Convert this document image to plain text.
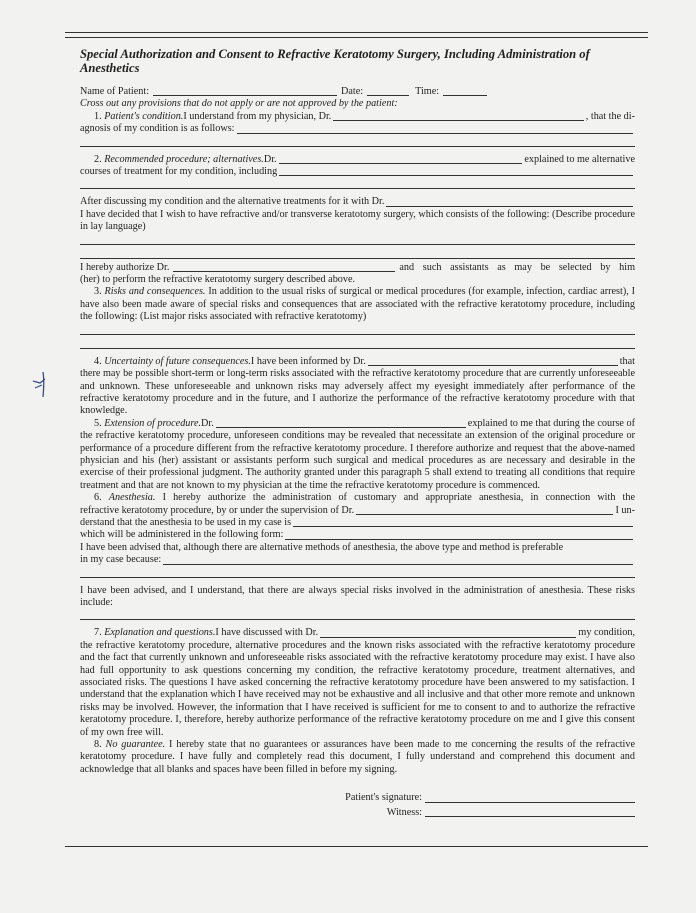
Special Authorization and Consent to Refractive Keratotomy Surgery, Including Administration of Anesthetics
Name of Patient:	Date:	Time:

Cross out any provisions that do not apply or are not approved by the patient:

1.
Patient's condition. I understand from my physician, Dr.	, that the di-
agnosis of my condition is as follows:
2.
Recommended procedure; alternatives. Dr.	explained to me alternative
courses of treatment for my condition, including
After discussing my condition and the alternative treatments for it with Dr.

I have decided that I wish to have refractive and/or transverse keratotomy surgery, which consists of the following: (Describe procedure in lay language)

I hereby authorize Dr.	and such assistants as may be selected by him

(her) to perform the refractive keratotomy surgery described above.

3. Risks and consequences. In addition to the usual risks of surgical or medical procedures (for example, infection, cardiac arrest), I have also been made aware of special risks and consequences that are associated with the refractive keratotomy procedure, including the following: (List major risks associated with refractive keratotomy)

4.
Uncertainty of future consequences. I have been informed by Dr.	that

there may be possible short-term or long-term risks associated with the refractive keratotomy procedure that are currently unforeseeable and unknown. These unforeseeable and unknown risks may adversely affect my eyesight immediately after performance of the refractive keratotomy procedure and in the future, and I authorize the performance of the refractive keratotomy procedure with that knowledge.

5.
Extension of procedure. Dr.	explained to me that during the course of

the refractive keratotomy procedure, unforeseen conditions may be revealed that necessitate an extension of the original procedure or performance of a procedure different from the refractive keratotomy procedure. I therefore authorize and request that the above-named physician and his (her) assistant or assistants perform such surgical and medical procedures as are necessary and desirable in the exercise of their professional judgment. The authority granted under this paragraph 5 shall extend to treating all conditions that require treatment and that are not known to my physician at the time the refractive keratotomy procedure is commenced.

6. Anesthesia. I hereby authorize the administration of customary and appropriate anesthesia, in connection with the

refractive keratotomy procedure, by or under the supervision of Dr.	I un-
derstand that the anesthesia to be used in my case is
which will be administered in the following form:

I have been advised that, although there are alternative methods of anesthesia, the above type and method is preferable

in my case because:

I have been advised, and I understand, that there are always special risks involved in the administration of anesthesia. These risks include:

7.
Explanation and questions. I have discussed with Dr.	my condition,

the refractive keratotomy procedure, alternative procedures and the known risks associated with the refractive keratotomy procedure and the fact that currently unknown and unforeseeable risks associated with the refractive keratotomy procedure may exist. I have also had full opportunity to ask questions concerning my condition, the refractive keratotomy procedure, treatment alternatives, and associated risks. The questions I have asked concerning the refractive keratotomy procedure have been answered to my satisfaction. I understand that the explanation which I have received may not be exhaustive and all inclusive and that other more remote and unknown risks may be involved. However, the information that I have received is sufficient for me to consent to and to authorize the refractive keratotomy procedure. I, therefore, hereby authorize performance of the refractive keratotomy procedure on me and I give this consent of my own free will.

8. No guarantee. I hereby state that no guarantees or assurances have been made to me concerning the results of the refractive keratotomy procedure. I have fully and completely read this document, I fully understand and comprehend this document and acknowledge that all blanks and spaces have been filled in before my signing.

Patient's signature:
Witness:
